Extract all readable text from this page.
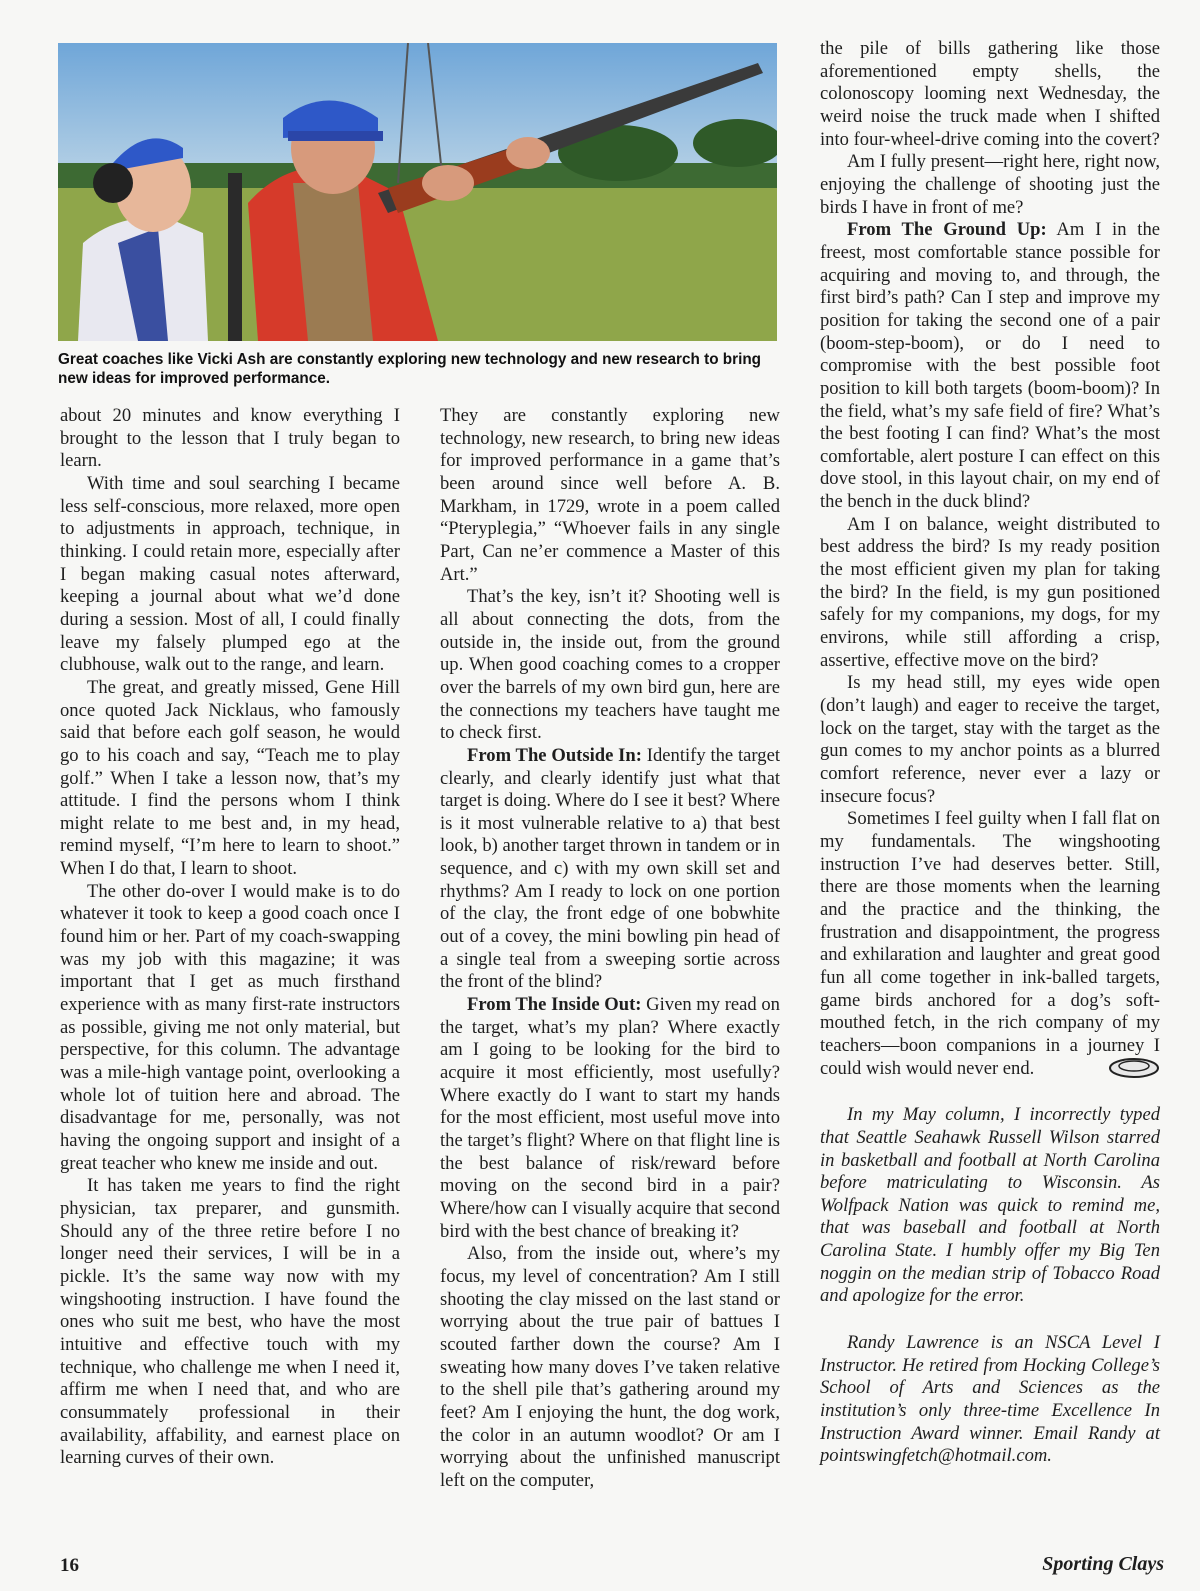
Great coaches like Vicki Ash are constantly exploring new technology and new research to bring new ideas for improved performance.

about 20 minutes and know everything I brought to the lesson that I truly began to learn.

With time and soul searching I became less self-conscious, more relaxed, more open to adjustments in approach, technique, in thinking. I could retain more, especially after I began making casual notes afterward, keeping a journal about what we’d done during a session. Most of all, I could finally leave my falsely plumped ego at the clubhouse, walk out to the range, and learn.

The great, and greatly missed, Gene Hill once quoted Jack Nicklaus, who famously said that before each golf season, he would go to his coach and say, “Teach me to play golf.” When I take a lesson now, that’s my attitude. I find the persons whom I think might relate to me best and, in my head, remind myself, “I’m here to learn to shoot.” When I do that, I learn to shoot.

The other do-over I would make is to do whatever it took to keep a good coach once I found him or her. Part of my coach-swapping was my job with this magazine; it was important that I get as much firsthand experience with as many first-rate instructors as possible, giving me not only material, but perspective, for this column. The advantage was a mile-high vantage point, overlooking a whole lot of tuition here and abroad. The disadvantage for me, personally, was not having the ongoing support and insight of a great teacher who knew me inside and out.

It has taken me years to find the right physician, tax preparer, and gunsmith. Should any of the three retire before I no longer need their services, I will be in a pickle. It’s the same way now with my wingshooting instruction. I have found the ones who suit me best, who have the most intuitive and effective touch with my technique, who challenge me when I need it, affirm me when I need that, and who are consummately professional in their availability, affability, and earnest place on learning curves of their own.

They are constantly exploring new technology, new research, to bring new ideas for improved performance in a game that’s been around since well before A. B. Markham, in 1729, wrote in a poem called “Pteryplegia,” “Whoever fails in any single Part, Can ne’er commence a Master of this Art.”

That’s the key, isn’t it? Shooting well is all about connecting the dots, from the outside in, the inside out, from the ground up. When good coaching comes to a cropper over the barrels of my own bird gun, here are the connections my teachers have taught me to check first.

From The Outside In: Identify the target clearly, and clearly identify just what that target is doing. Where do I see it best? Where is it most vulnerable relative to a) that best look, b) another target thrown in tandem or in sequence, and c) with my own skill set and rhythms? Am I ready to lock on one portion of the clay, the front edge of one bobwhite out of a covey, the mini bowling pin head of a single teal from a sweeping sortie across the front of the blind?

From The Inside Out: Given my read on the target, what’s my plan? Where exactly am I going to be looking for the bird to acquire it most efficiently, most usefully? Where exactly do I want to start my hands for the most efficient, most useful move into the target’s flight? Where on that flight line is the best balance of risk/reward before moving on the second bird in a pair? Where/how can I visually acquire that second bird with the best chance of breaking it?

Also, from the inside out, where’s my focus, my level of concentration? Am I still shooting the clay missed on the last stand or worrying about the true pair of battues I scouted farther down the course? Am I sweating how many doves I’ve taken relative to the shell pile that’s gathering around my feet? Am I enjoying the hunt, the dog work, the color in an autumn woodlot? Or am I worrying about the unfinished manuscript left on the computer,

the pile of bills gathering like those aforementioned empty shells, the colonoscopy looming next Wednesday, the weird noise the truck made when I shifted into four-wheel-drive coming into the covert?

Am I fully present—right here, right now, enjoying the challenge of shooting just the birds I have in front of me?

From The Ground Up: Am I in the freest, most comfortable stance possible for acquiring and moving to, and through, the first bird’s path? Can I step and improve my position for taking the second one of a pair (boom-step-boom), or do I need to compromise with the best possible foot position to kill both targets (boom-boom)? In the field, what’s my safe field of fire? What’s the best footing I can find? What’s the most comfortable, alert posture I can effect on this dove stool, in this layout chair, on my end of the bench in the duck blind?

Am I on balance, weight distributed to best address the bird? Is my ready position the most efficient given my plan for taking the bird? In the field, is my gun positioned safely for my companions, my dogs, for my environs, while still affording a crisp, assertive, effective move on the bird?

Is my head still, my eyes wide open (don’t laugh) and eager to receive the target, lock on the target, stay with the target as the gun comes to my anchor points as a blurred comfort reference, never ever a lazy or insecure focus?

Sometimes I feel guilty when I fall flat on my fundamentals. The wingshooting instruction I’ve had deserves better. Still, there are those moments when the learning and the practice and the thinking, the frustration and disappointment, the progress and exhilaration and laughter and great good fun all come together in ink-balled targets, game birds anchored for a dog’s soft-mouthed fetch, in the rich company of my teachers—boon companions in a journey I could wish would never end.

In my May column, I incorrectly typed that Seattle Seahawk Russell Wilson starred in basketball and football at North Carolina before matriculating to Wisconsin. As Wolfpack Nation was quick to remind me, that was baseball and football at North Carolina State. I humbly offer my Big Ten noggin on the median strip of Tobacco Road and apologize for the error.

Randy Lawrence is an NSCA Level I Instructor. He retired from Hocking College’s School of Arts and Sciences as the institution’s only three-time Excellence In Instruction Award winner. Email Randy at pointswingfetch@hotmail.com.

16	Sporting Clays
